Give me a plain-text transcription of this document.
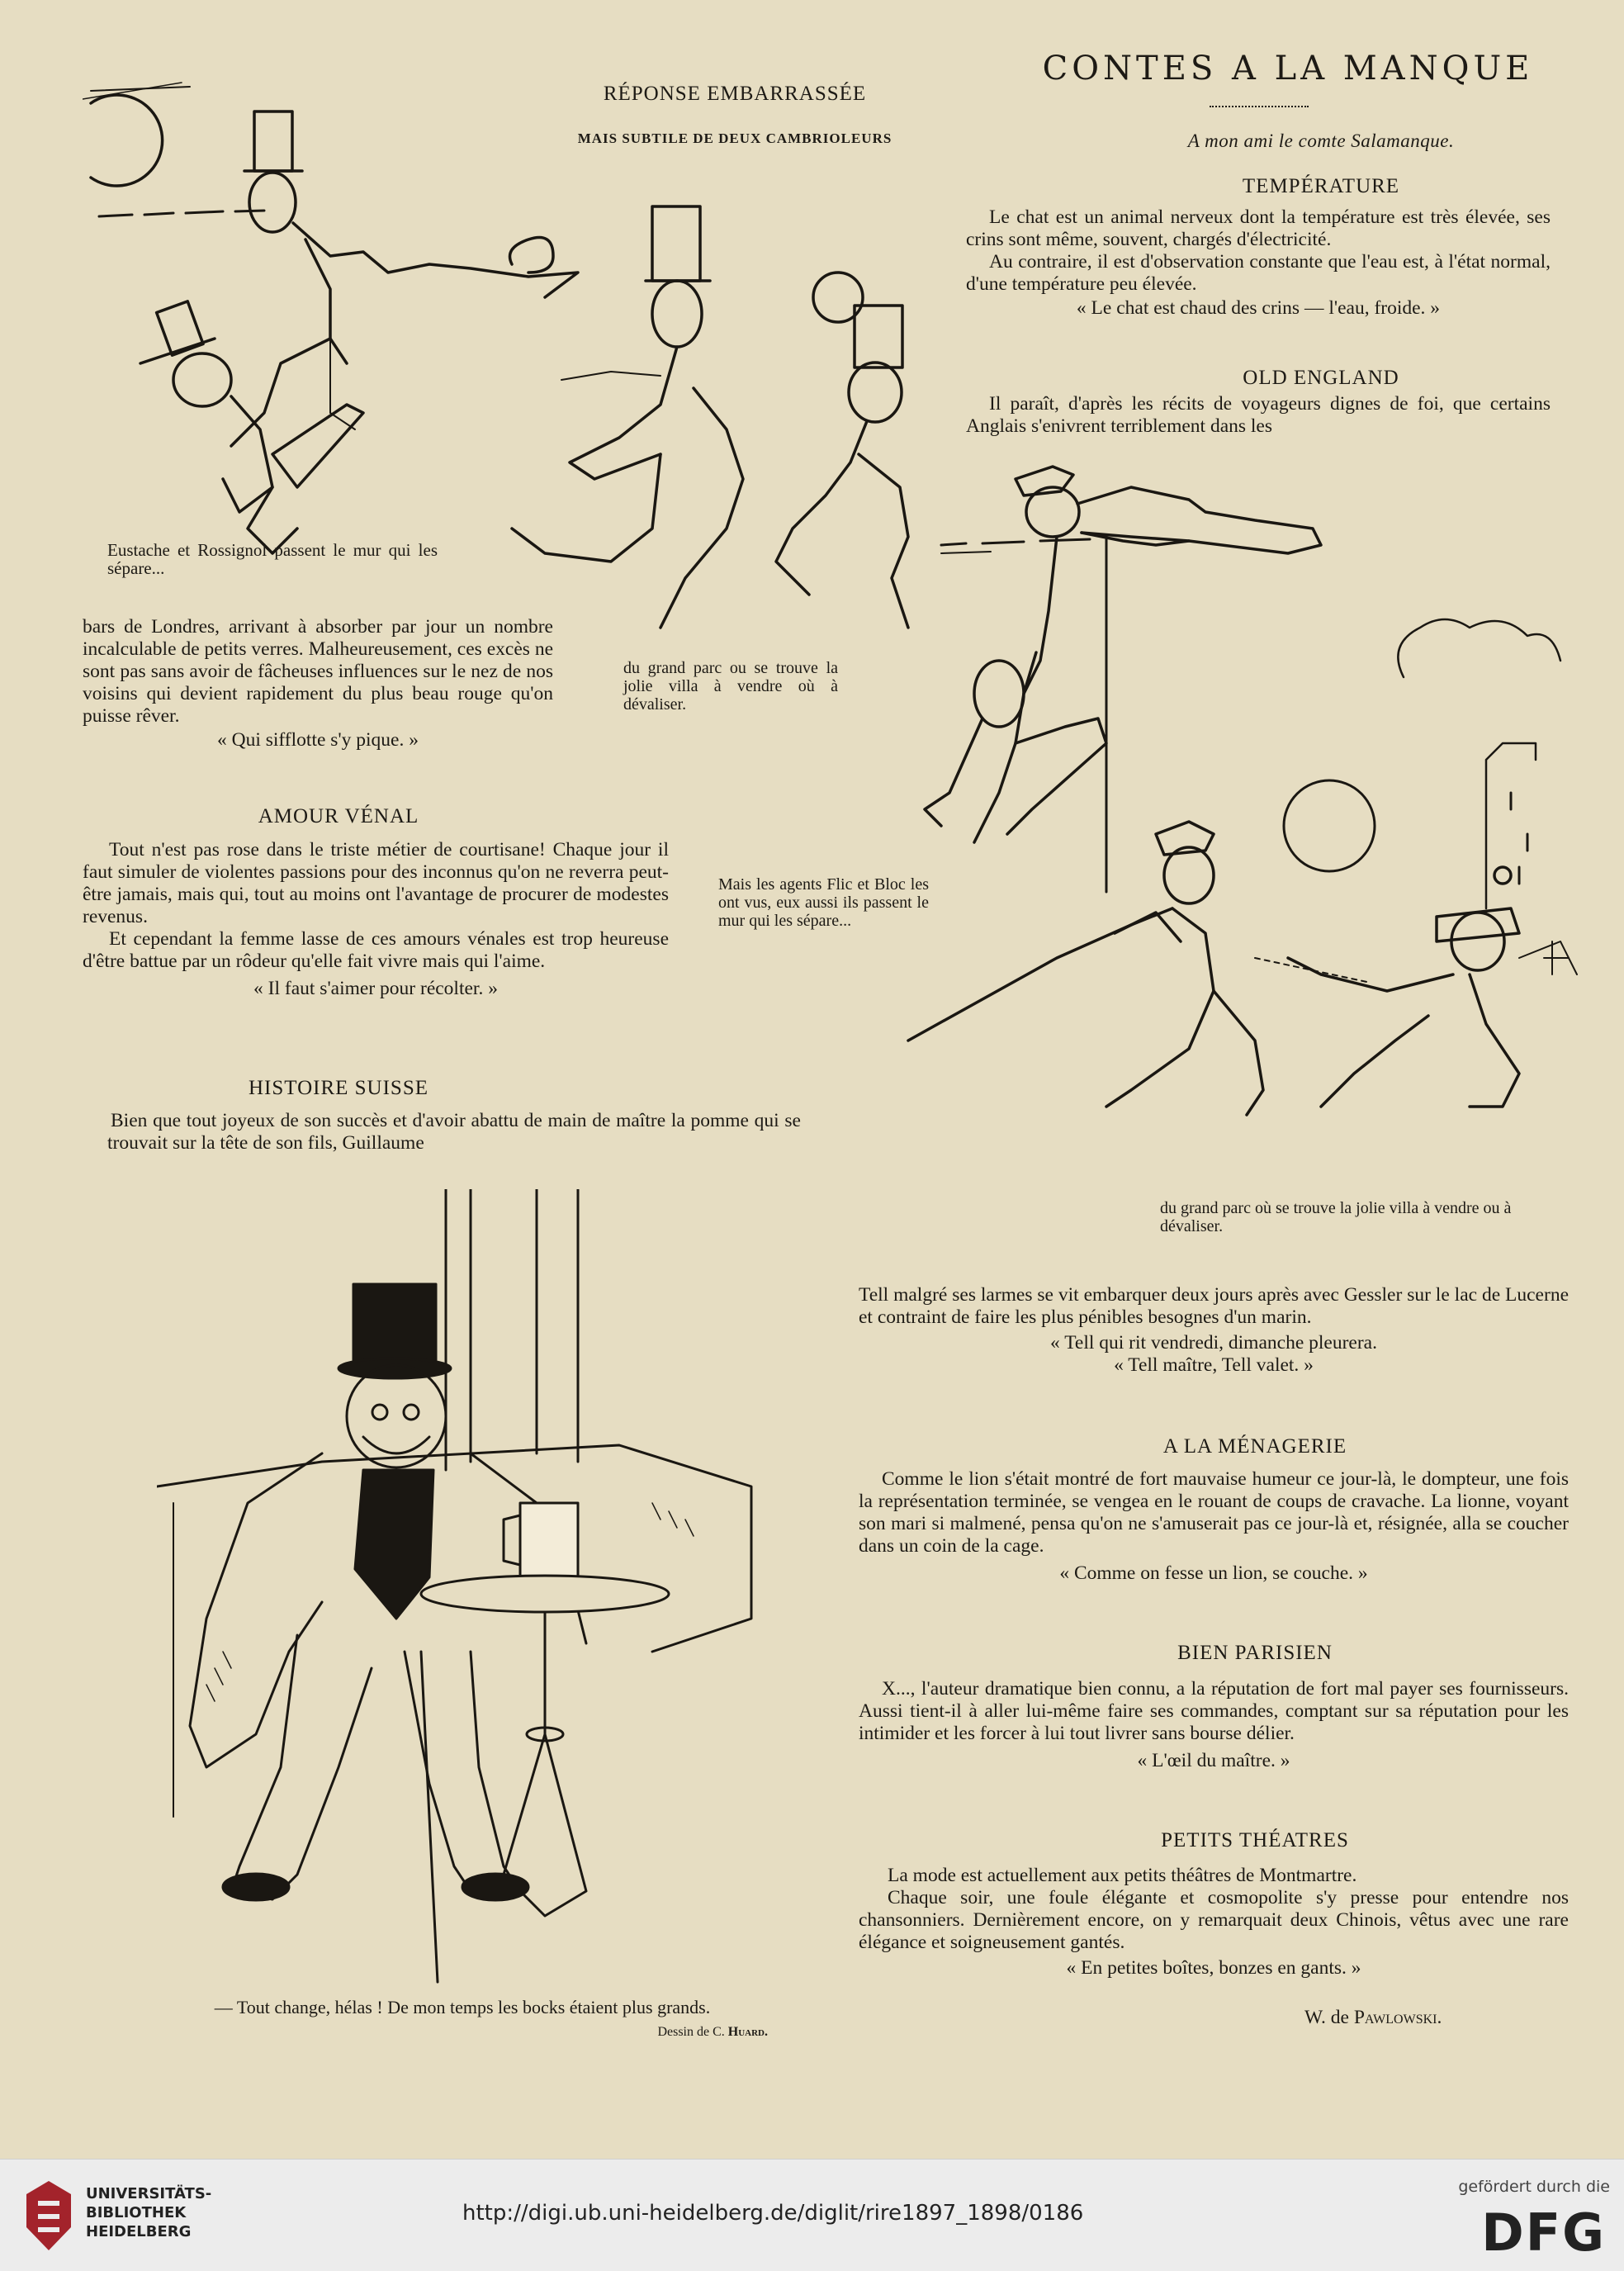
RÉPONSE EMBARRASSÉE
MAIS SUBTILE DE DEUX CAMBRIOLEURS
Eustache et Rossignol passent le mur qui les sépare...
du grand parc ou se trouve la jolie villa à vendre où à dévaliser.
CONTES A LA MANQUE
A mon ami le comte Salamanque.
TEMPÉRATURE

Le chat est un animal nerveux dont la température est très élevée, ses crins sont même, souvent, chargés d'électricité.

Au contraire, il est d'observation constante que l'eau est, à l'état normal, d'une température peu élevée.

« Le chat est chaud des crins — l'eau, froide. »

OLD ENGLAND

Il paraît, d'après les récits de voyageurs dignes de foi, que certains Anglais s'enivrent terriblement dans les

Mais les agents Flic et Bloc les ont vus, eux aussi ils passent le mur qui les sépare...

bars de Londres, arrivant à absorber par jour un nombre incalculable de petits verres. Malheureusement, ces excès ne sont pas sans avoir de fâcheuses influences sur le nez de nos voisins qui devient rapidement du plus beau rouge qu'on puisse rêver.

« Qui sifflotte s'y pique. »

AMOUR VÉNAL

Tout n'est pas rose dans le triste métier de courtisane! Chaque jour il faut simuler de violentes passions pour des inconnus qu'on ne reverra peut-être jamais, mais qui, tout au moins ont l'avantage de procurer de modestes revenus.

Et cependant la femme lasse de ces amours vénales est trop heureuse d'être battue par un rôdeur qu'elle fait vivre mais qui l'aime.

« Il faut s'aimer pour récolter. »

HISTOIRE SUISSE

Bien que tout joyeux de son succès et d'avoir abattu de main de maître la pomme qui se trouvait sur la tête de son fils, Guillaume

du grand parc où se trouve la jolie villa à vendre ou à dévaliser.

Tell malgré ses larmes se vit embarquer deux jours après avec Gessler sur le lac de Lucerne et contraint de faire les plus pénibles besognes d'un marin.

« Tell qui rit vendredi, dimanche pleurera.

« Tell maître, Tell valet. »

A LA MÉNAGERIE

Comme le lion s'était montré de fort mauvaise humeur ce jour-là, le dompteur, une fois la représentation terminée, se vengea en le rouant de coups de cravache. La lionne, voyant son mari si malmené, pensa qu'on ne s'amuserait pas ce jour-là et, résignée, alla se coucher dans un coin de la cage.

« Comme on fesse un lion, se couche. »

BIEN PARISIEN

X..., l'auteur dramatique bien connu, a la réputation de fort mal payer ses fournisseurs. Aussi tient-il à aller lui-même faire ses commandes, comptant sur sa réputation pour les intimider et les forcer à lui tout livrer sans bourse délier.

« L'œil du maître. »

PETITS THÉATRES

La mode est actuellement aux petits théâtres de Montmartre.

Chaque soir, une foule élégante et cosmopolite s'y presse pour entendre nos chansonniers. Dernièrement encore, on y remarquait deux Chinois, vêtus avec une rare élégance et soigneusement gantés.

« En petites boîtes, bonzes en gants. »

W. de Pawlowski.
— Tout change, hélas ! De mon temps les bocks étaient plus grands.
Dessin de C. Huard.
UNIVERSITÄTS-
BIBLIOTHEK
HEIDELBERG
http://digi.ub.uni-heidelberg.de/diglit/rire1897_1898/0186
gefördert durch die
DFG
